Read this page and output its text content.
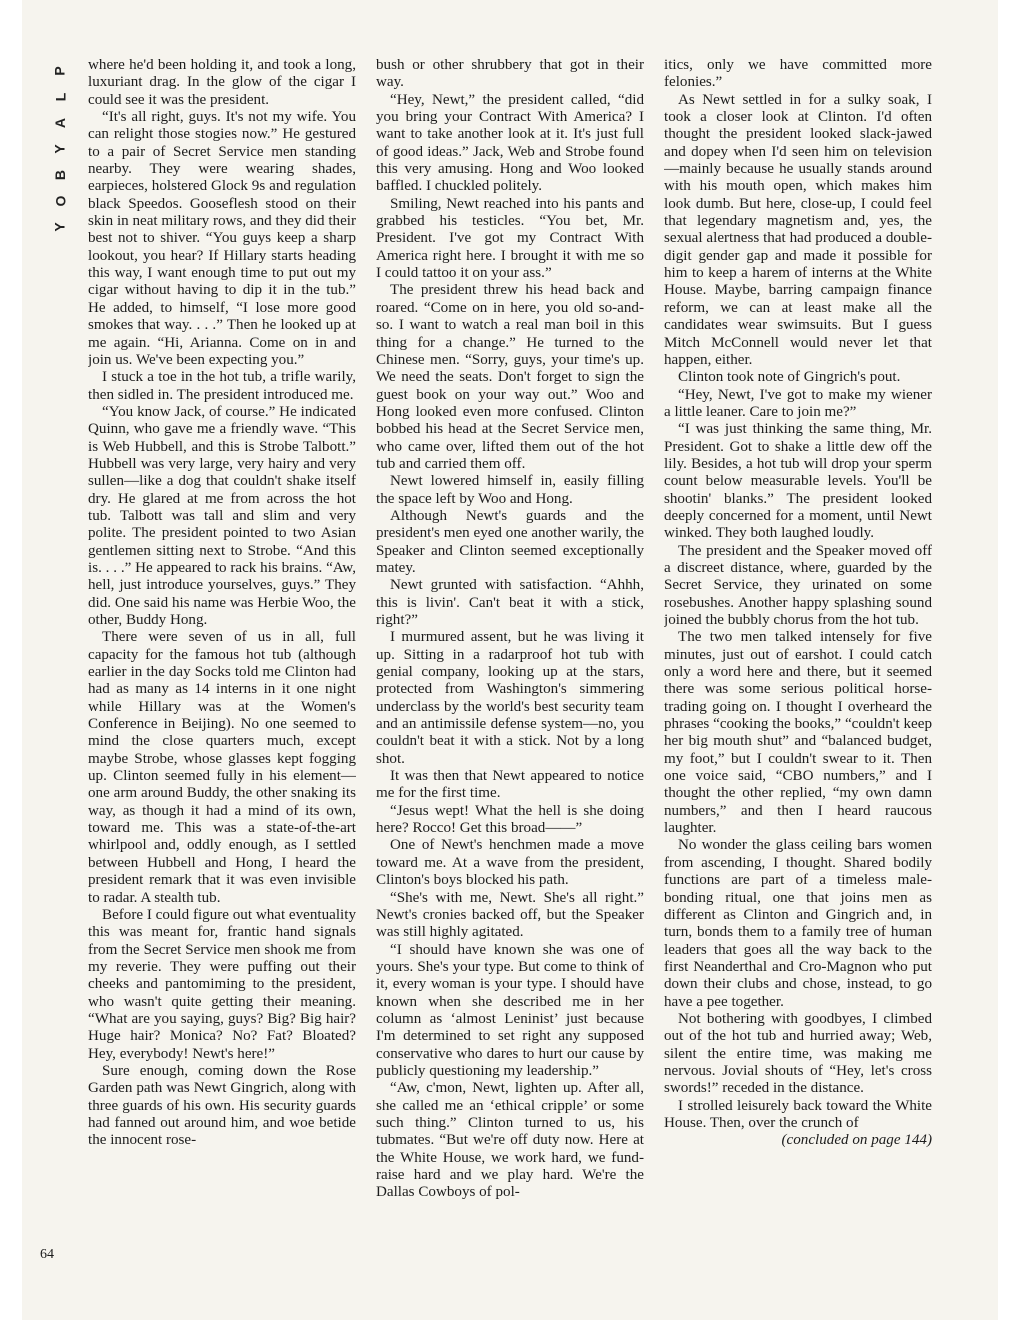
P
L
A
Y
B
O
Y

where he'd been holding it, and took a long, luxuriant drag. In the glow of the cigar I could see it was the president.

“It's all right, guys. It's not my wife. You can relight those stogies now.” He gestured to a pair of Secret Service men standing nearby. They were wearing shades, earpieces, holstered Glock 9s and regulation black Speedos. Gooseflesh stood on their skin in neat military rows, and they did their best not to shiver. “You guys keep a sharp lookout, you hear? If Hillary starts heading this way, I want enough time to put out my cigar without having to dip it in the tub.” He added, to himself, “I lose more good smokes that way. . . .” Then he looked up at me again. “Hi, Arianna. Come on in and join us. We've been expecting you.”

I stuck a toe in the hot tub, a trifle warily, then sidled in. The president introduced me.

“You know Jack, of course.” He indicated Quinn, who gave me a friendly wave. “This is Web Hubbell, and this is Strobe Talbott.” Hubbell was very large, very hairy and very sullen—like a dog that couldn't shake itself dry. He glared at me from across the hot tub. Talbott was tall and slim and very polite. The president pointed to two Asian gentlemen sitting next to Strobe. “And this is. . . .” He appeared to rack his brains. “Aw, hell, just introduce yourselves, guys.” They did. One said his name was Herbie Woo, the other, Buddy Hong.

There were seven of us in all, full capacity for the famous hot tub (although earlier in the day Socks told me Clinton had had as many as 14 interns in it one night while Hillary was at the Women's Conference in Beijing). No one seemed to mind the close quarters much, except maybe Strobe, whose glasses kept fogging up. Clinton seemed fully in his element—one arm around Buddy, the other snaking its way, as though it had a mind of its own, toward me. This was a state-of-the-art whirlpool and, oddly enough, as I settled between Hubbell and Hong, I heard the president remark that it was even invisible to radar. A stealth tub.

Before I could figure out what eventuality this was meant for, frantic hand signals from the Secret Service men shook me from my reverie. They were puffing out their cheeks and pantomiming to the president, who wasn't quite getting their meaning. “What are you saying, guys? Big? Big hair? Huge hair? Monica? No? Fat? Bloated? Hey, everybody! Newt's here!”

Sure enough, coming down the Rose Garden path was Newt Gingrich, along with three guards of his own. His security guards had fanned out around him, and woe betide the innocent rose-

bush or other shrubbery that got in their way.

“Hey, Newt,” the president called, “did you bring your Contract With America? I want to take another look at it. It's just full of good ideas.” Jack, Web and Strobe found this very amusing. Hong and Woo looked baffled. I chuckled politely.

Smiling, Newt reached into his pants and grabbed his testicles. “You bet, Mr. President. I've got my Contract With America right here. I brought it with me so I could tattoo it on your ass.”

The president threw his head back and roared. “Come on in here, you old so-and-so. I want to watch a real man boil in this thing for a change.” He turned to the Chinese men. “Sorry, guys, your time's up. We need the seats. Don't forget to sign the guest book on your way out.” Woo and Hong looked even more confused. Clinton bobbed his head at the Secret Service men, who came over, lifted them out of the hot tub and carried them off.

Newt lowered himself in, easily filling the space left by Woo and Hong.

Although Newt's guards and the president's men eyed one another warily, the Speaker and Clinton seemed exceptionally matey.

Newt grunted with satisfaction. “Ahhh, this is livin'. Can't beat it with a stick, right?”

I murmured assent, but he was living it up. Sitting in a radarproof hot tub with genial company, looking up at the stars, protected from Washington's simmering underclass by the world's best security team and an antimissile defense system—no, you couldn't beat it with a stick. Not by a long shot.

It was then that Newt appeared to notice me for the first time.

“Jesus wept! What the hell is she doing here? Rocco! Get this broad——”

One of Newt's henchmen made a move toward me. At a wave from the president, Clinton's boys blocked his path.

“She's with me, Newt. She's all right.” Newt's cronies backed off, but the Speaker was still highly agitated.

“I should have known she was one of yours. She's your type. But come to think of it, every woman is your type. I should have known when she described me in her column as ‘almost Leninist’ just because I'm determined to set right any supposed conservative who dares to hurt our cause by publicly questioning my leadership.”

“Aw, c'mon, Newt, lighten up. After all, she called me an ‘ethical cripple’ or some such thing.” Clinton turned to us, his tubmates. “But we're off duty now. Here at the White House, we work hard, we fund-raise hard and we play hard. We're the Dallas Cowboys of pol-

itics, only we have committed more felonies.”

As Newt settled in for a sulky soak, I took a closer look at Clinton. I'd often thought the president looked slack-jawed and dopey when I'd seen him on television—mainly because he usually stands around with his mouth open, which makes him look dumb. But here, close-up, I could feel that legendary magnetism and, yes, the sexual alertness that had produced a double-digit gender gap and made it possible for him to keep a harem of interns at the White House. Maybe, barring campaign finance reform, we can at least make all the candidates wear swimsuits. But I guess Mitch McConnell would never let that happen, either.

Clinton took note of Gingrich's pout.

“Hey, Newt, I've got to make my wiener a little leaner. Care to join me?”

“I was just thinking the same thing, Mr. President. Got to shake a little dew off the lily. Besides, a hot tub will drop your sperm count below measurable levels. You'll be shootin' blanks.” The president looked deeply concerned for a moment, until Newt winked. They both laughed loudly.

The president and the Speaker moved off a discreet distance, where, guarded by the Secret Service, they urinated on some rosebushes. Another happy splashing sound joined the bubbly chorus from the hot tub.

The two men talked intensely for five minutes, just out of earshot. I could catch only a word here and there, but it seemed there was some serious political horse-trading going on. I thought I overheard the phrases “cooking the books,” “couldn't keep her big mouth shut” and “balanced budget, my foot,” but I couldn't swear to it. Then one voice said, “CBO numbers,” and I thought the other replied, “my own damn numbers,” and then I heard raucous laughter.

No wonder the glass ceiling bars women from ascending, I thought. Shared bodily functions are part of a timeless male-bonding ritual, one that joins men as different as Clinton and Gingrich and, in turn, bonds them to a family tree of human leaders that goes all the way back to the first Neanderthal and Cro-Magnon who put down their clubs and chose, instead, to go have a pee together.

Not bothering with goodbyes, I climbed out of the hot tub and hurried away; Web, silent the entire time, was making me nervous. Jovial shouts of “Hey, let's cross swords!” receded in the distance.

I strolled leisurely back toward the White House. Then, over the crunch of

(concluded on page 144)

64
